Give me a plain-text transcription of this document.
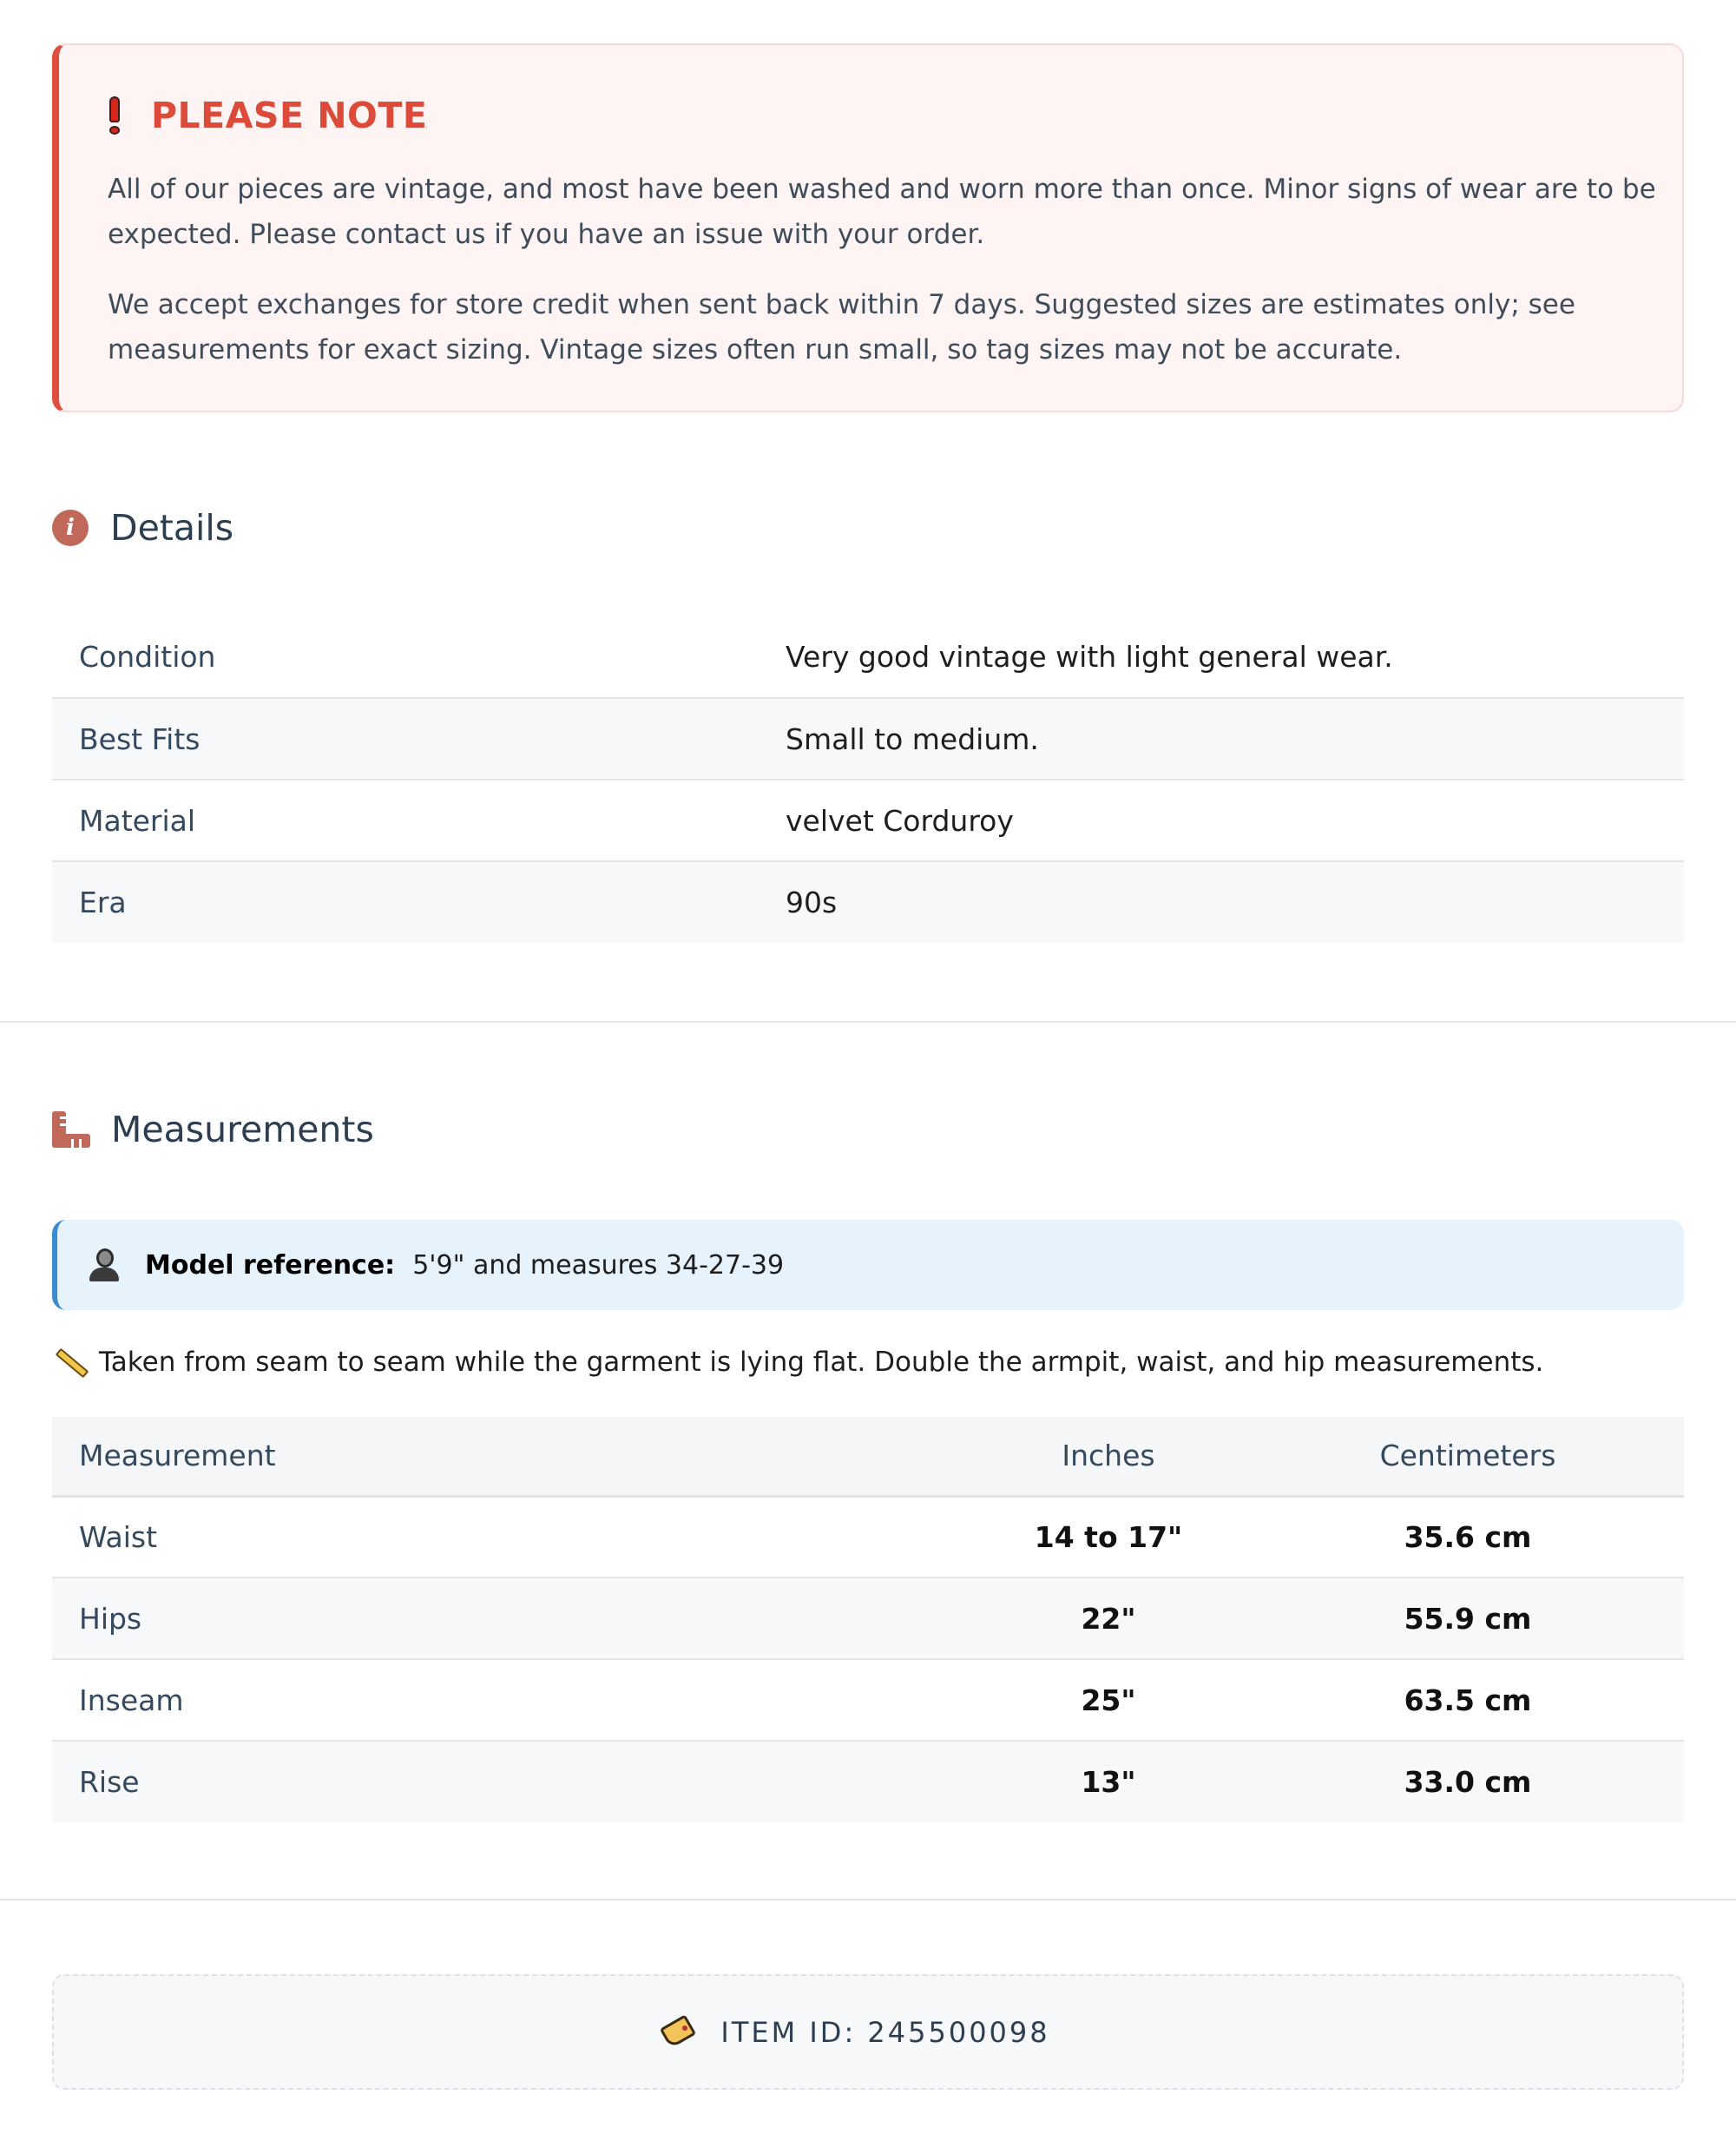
PLEASE NOTE

All of our pieces are vintage, and most have been washed and worn more than once. Minor signs of wear are to be expected. Please contact us if you have an issue with your order.

We accept exchanges for store credit when sent back within 7 days. Suggested sizes are estimates only; see measurements for exact sizing. Vintage sizes often run small, so tag sizes may not be accurate.

i	Details
Condition	Very good vintage with light general wear.
Best Fits	Small to medium.
Material	velvet Corduroy
Era	90s
Measurements
Model reference: 5'9" and measures 34-27-39
Taken from seam to seam while the garment is lying flat. Double the armpit, waist, and hip measurements.
Measurement	Inches	Centimeters
Waist	14 to 17"	35.6 cm
Hips	22"	55.9 cm
Inseam	25"	63.5 cm
Rise	13"	33.0 cm
ITEM ID: 245500098
